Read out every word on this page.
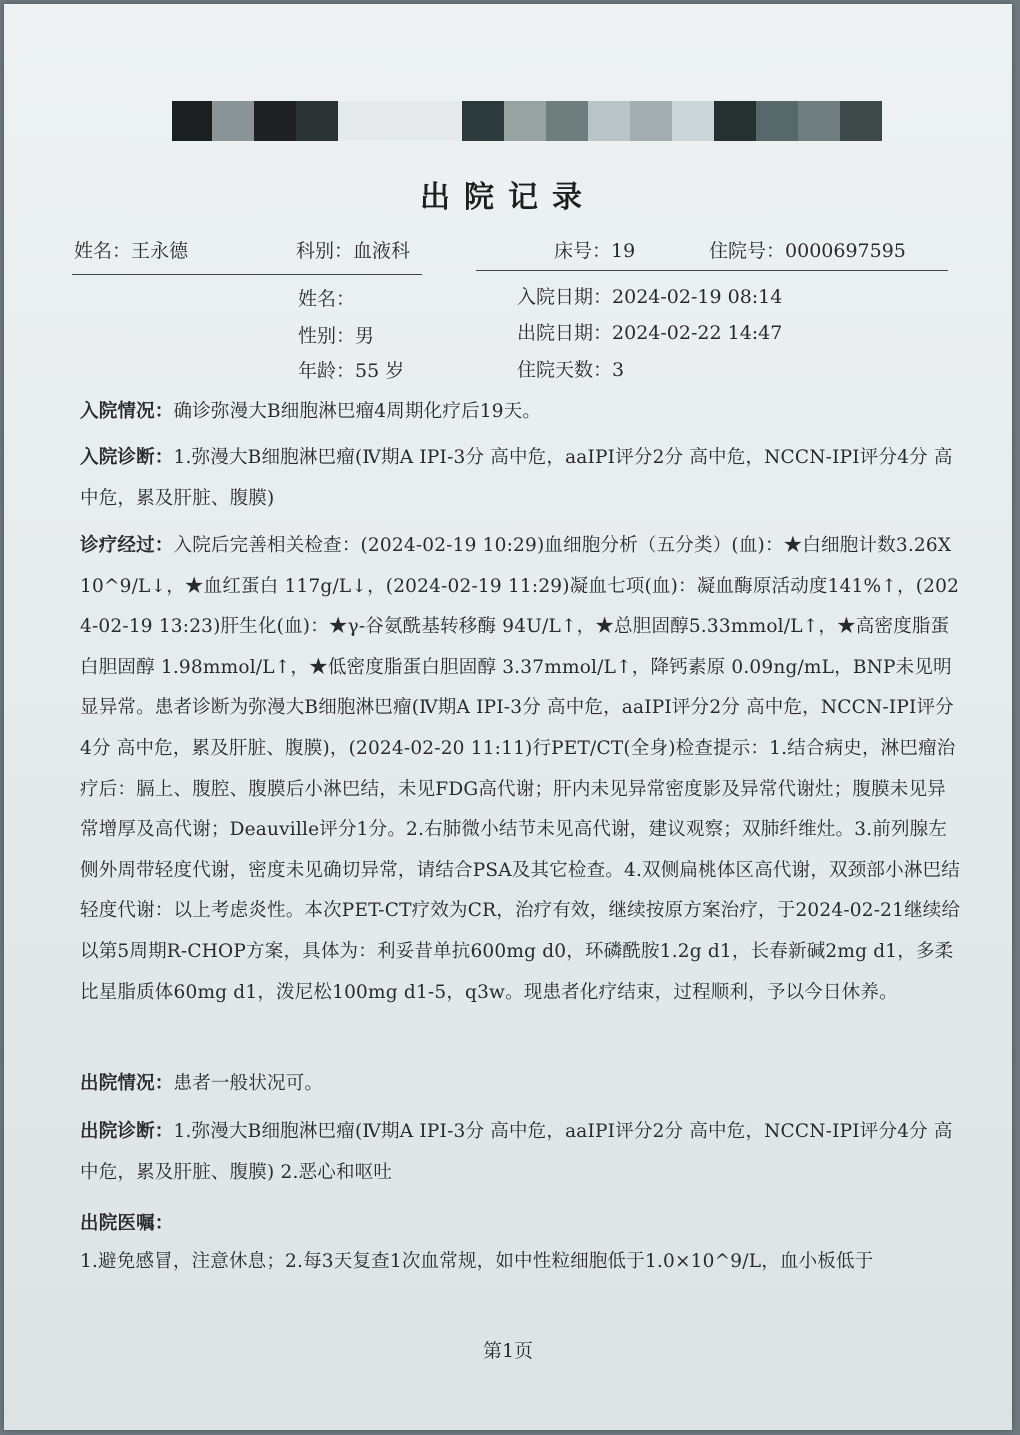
出院记录
姓名：王永德	科别：血液科	床号：19	住院号：0000697595
姓名：
性别：男
年龄：55 岁
入院日期：2024-02-19 08:14
出院日期：2024-02-22 14:47
住院天数：3
入院情况：确诊弥漫大B细胞淋巴瘤4周期化疗后19天。
入院诊断：1.弥漫大B细胞淋巴瘤(Ⅳ期A IPI-3分 高中危，aaIPI评分2分 高中危，NCCN-IPI评分4分 高中危，累及肝脏、腹膜)
诊疗经过：入院后完善相关检查：(2024-02-19 10:29)血细胞分析（五分类）(血)：★白细胞计数3.26X10^9/L↓，★血红蛋白 117g/L↓，(2024-02-19 11:29)凝血七项(血)：凝血酶原活动度141%↑，(2024-02-19 13:23)肝生化(血)：★γ-谷氨酰基转移酶 94U/L↑，★总胆固醇5.33mmol/L↑，★高密度脂蛋白胆固醇 1.98mmol/L↑，★低密度脂蛋白胆固醇 3.37mmol/L↑，降钙素原 0.09ng/mL，BNP未见明显异常。患者诊断为弥漫大B细胞淋巴瘤(Ⅳ期A IPI-3分 高中危，aaIPI评分2分 高中危，NCCN-IPI评分4分 高中危，累及肝脏、腹膜)，(2024-02-20 11:11)行PET/CT(全身)检查提示：1.结合病史，淋巴瘤治疗后：膈上、腹腔、腹膜后小淋巴结，未见FDG高代谢；肝内未见异常密度影及异常代谢灶；腹膜未见异常增厚及高代谢；Deauville评分1分。2.右肺微小结节未见高代谢，建议观察；双肺纤维灶。3.前列腺左侧外周带轻度代谢，密度未见确切异常，请结合PSA及其它检查。4.双侧扁桃体区高代谢，双颈部小淋巴结轻度代谢：以上考虑炎性。本次PET-CT疗效为CR，治疗有效，继续按原方案治疗，于2024-02-21继续给以第5周期R-CHOP方案，具体为：利妥昔单抗600mg d0，环磷酰胺1.2g d1，长春新碱2mg d1，多柔比星脂质体60mg d1，泼尼松100mg d1-5，q3w。现患者化疗结束，过程顺利，予以今日休养。
出院情况：患者一般状况可。
出院诊断：1.弥漫大B细胞淋巴瘤(Ⅳ期A IPI-3分 高中危，aaIPI评分2分 高中危，NCCN-IPI评分4分 高中危，累及肝脏、腹膜) 2.恶心和呕吐
出院医嘱：
1.避免感冒，注意休息；2.每3天复查1次血常规，如中性粒细胞低于1.0×10^9/L，血小板低于
第1页
